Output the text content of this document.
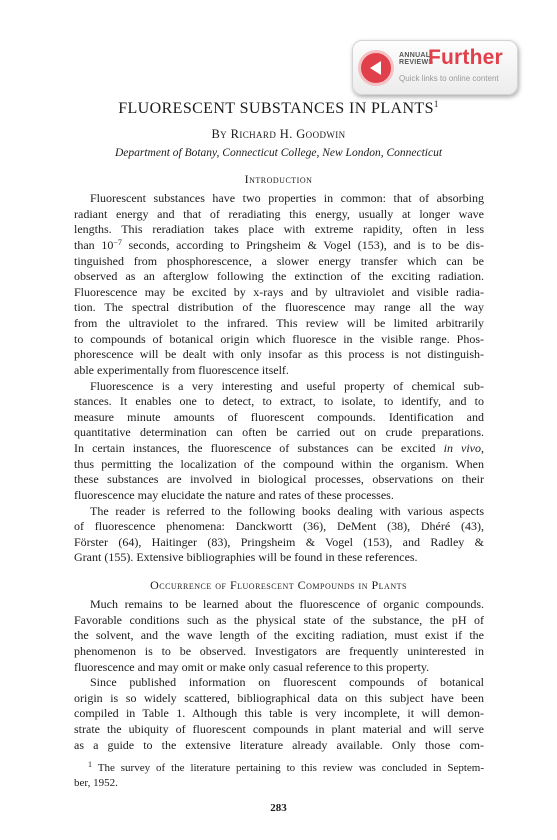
ANNUAL
REVIEWS
Further
Quick links to online content
FLUORESCENT SUBSTANCES IN PLANTS$^1$
By Richard H. Goodwin
Department of Botany, Connecticut College, New London, Connecticut
Introduction
Fluorescent substances have two properties in common: that of absorbing
radiant energy and that of reradiating this energy, usually at longer wave
lengths. This reradiation takes place with extreme rapidity, often in less
than $10^{-7}$ seconds, according to Pringsheim & Vogel (153), and is to be dis-
tinguished from phosphorescence, a slower energy transfer which can be
observed as an afterglow following the extinction of the exciting radiation.
Fluorescence may be excited by x-rays and by ultraviolet and visible radia-
tion. The spectral distribution of the fluorescence may range all the way
from the ultraviolet to the infrared. This review will be limited arbitrarily
to compounds of botanical origin which fluoresce in the visible range. Phos-
phorescence will be dealt with only insofar as this process is not distinguish-
able experimentally from fluorescence itself.
Fluorescence is a very interesting and useful property of chemical sub-
stances. It enables one to detect, to extract, to isolate, to identify, and to
measure minute amounts of fluorescent compounds. Identification and
quantitative determination can often be carried out on crude preparations.
In certain instances, the fluorescence of substances can be excited in vivo,
thus permitting the localization of the compound within the organism. When
these substances are involved in biological processes, observations on their
fluorescence may elucidate the nature and rates of these processes.
The reader is referred to the following books dealing with various aspects
of fluorescence phenomena: Danckwortt (36), DeMent (38), Dhéré (43),
Förster (64), Haitinger (83), Pringsheim & Vogel (153), and Radley &
Grant (155). Extensive bibliographies will be found in these references.
Occurrence of Fluorescent Compounds in Plants
Much remains to be learned about the fluorescence of organic compounds.
Favorable conditions such as the physical state of the substance, the pH of
the solvent, and the wave length of the exciting radiation, must exist if the
phenomenon is to be observed. Investigators are frequently uninterested in
fluorescence and may omit or make only casual reference to this property.
Since published information on fluorescent compounds of botanical
origin is so widely scattered, bibliographical data on this subject have been
compiled in Table 1. Although this table is very incomplete, it will demon-
strate the ubiquity of fluorescent compounds in plant material and will serve
as a guide to the extensive literature already available. Only those com-
$^1$ The survey of the literature pertaining to this review was concluded in Septem-
ber, 1952.
283
